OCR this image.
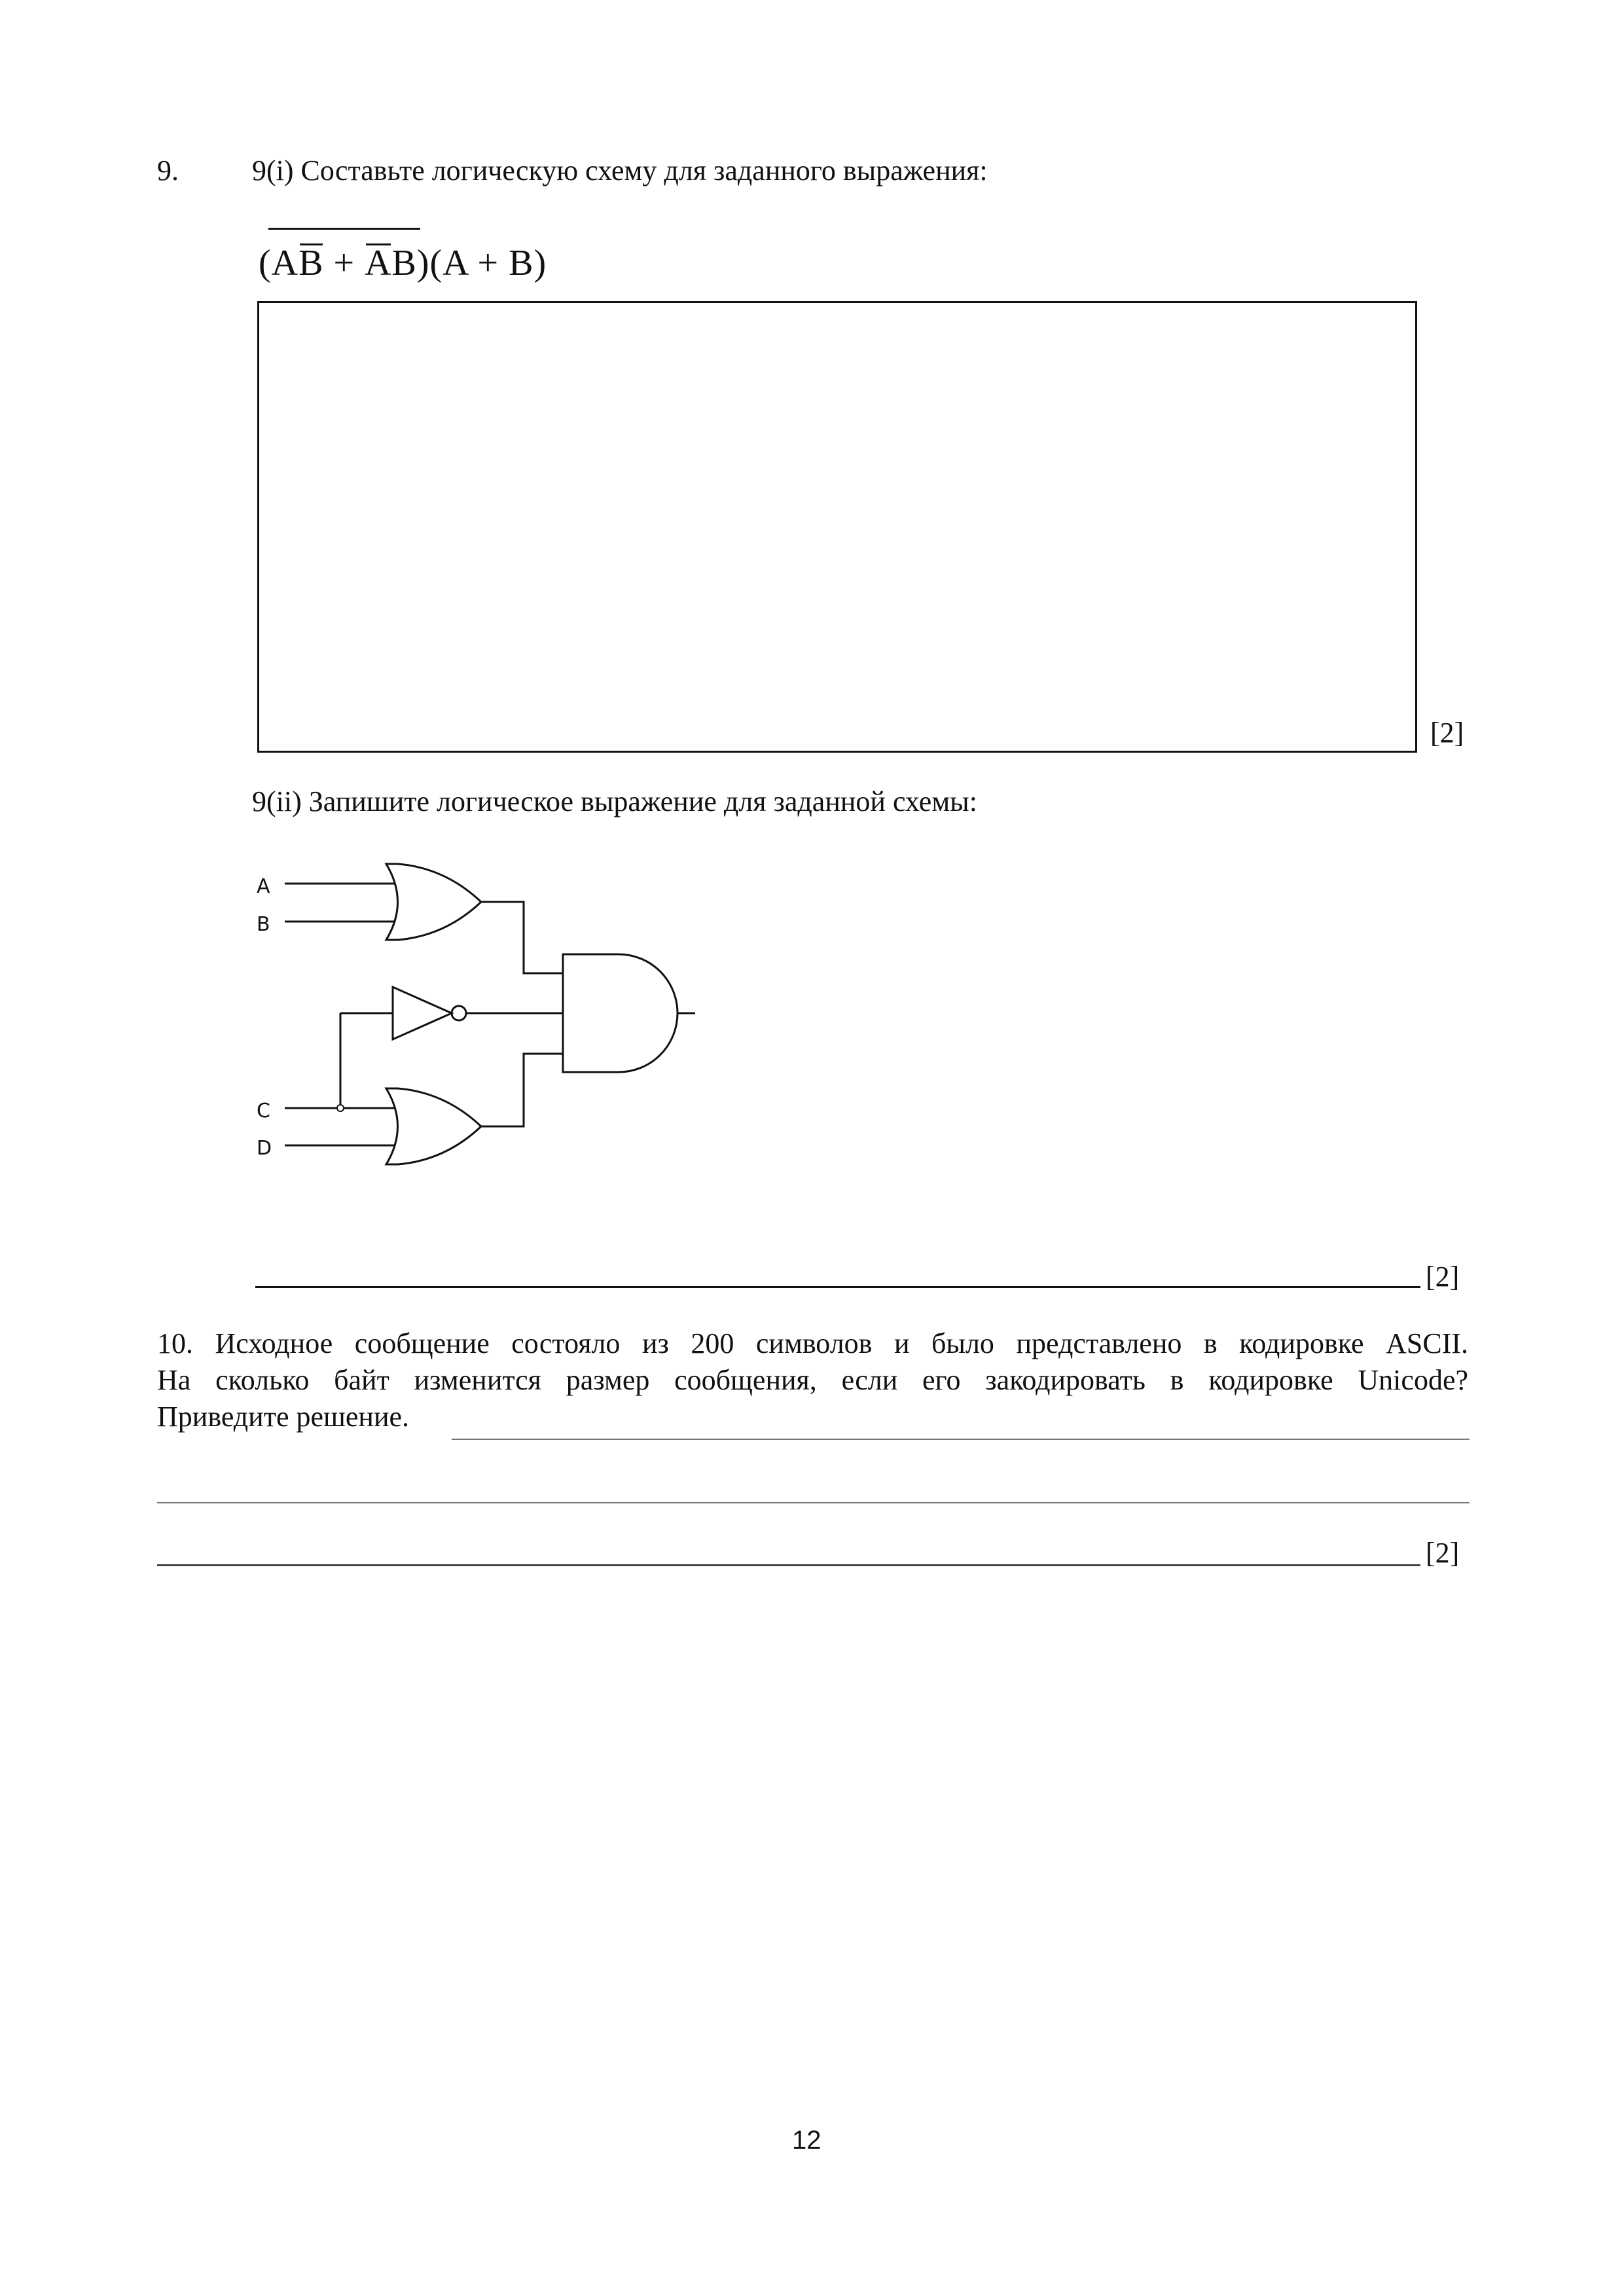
9.	9(i) Составьте логическую схему для заданного выражения:
(AB + AB)(A + B)
[2]
9(ii) Запишите логическое выражение для заданной схемы:
A
B
C
D
[2]
10. Исходное сообщение состояло из 200 символов и было представлено в кодировке ASCII.
На сколько байт изменится размер сообщения, если его закодировать в кодировке Unicode?
Приведите решение.
[2]
12
